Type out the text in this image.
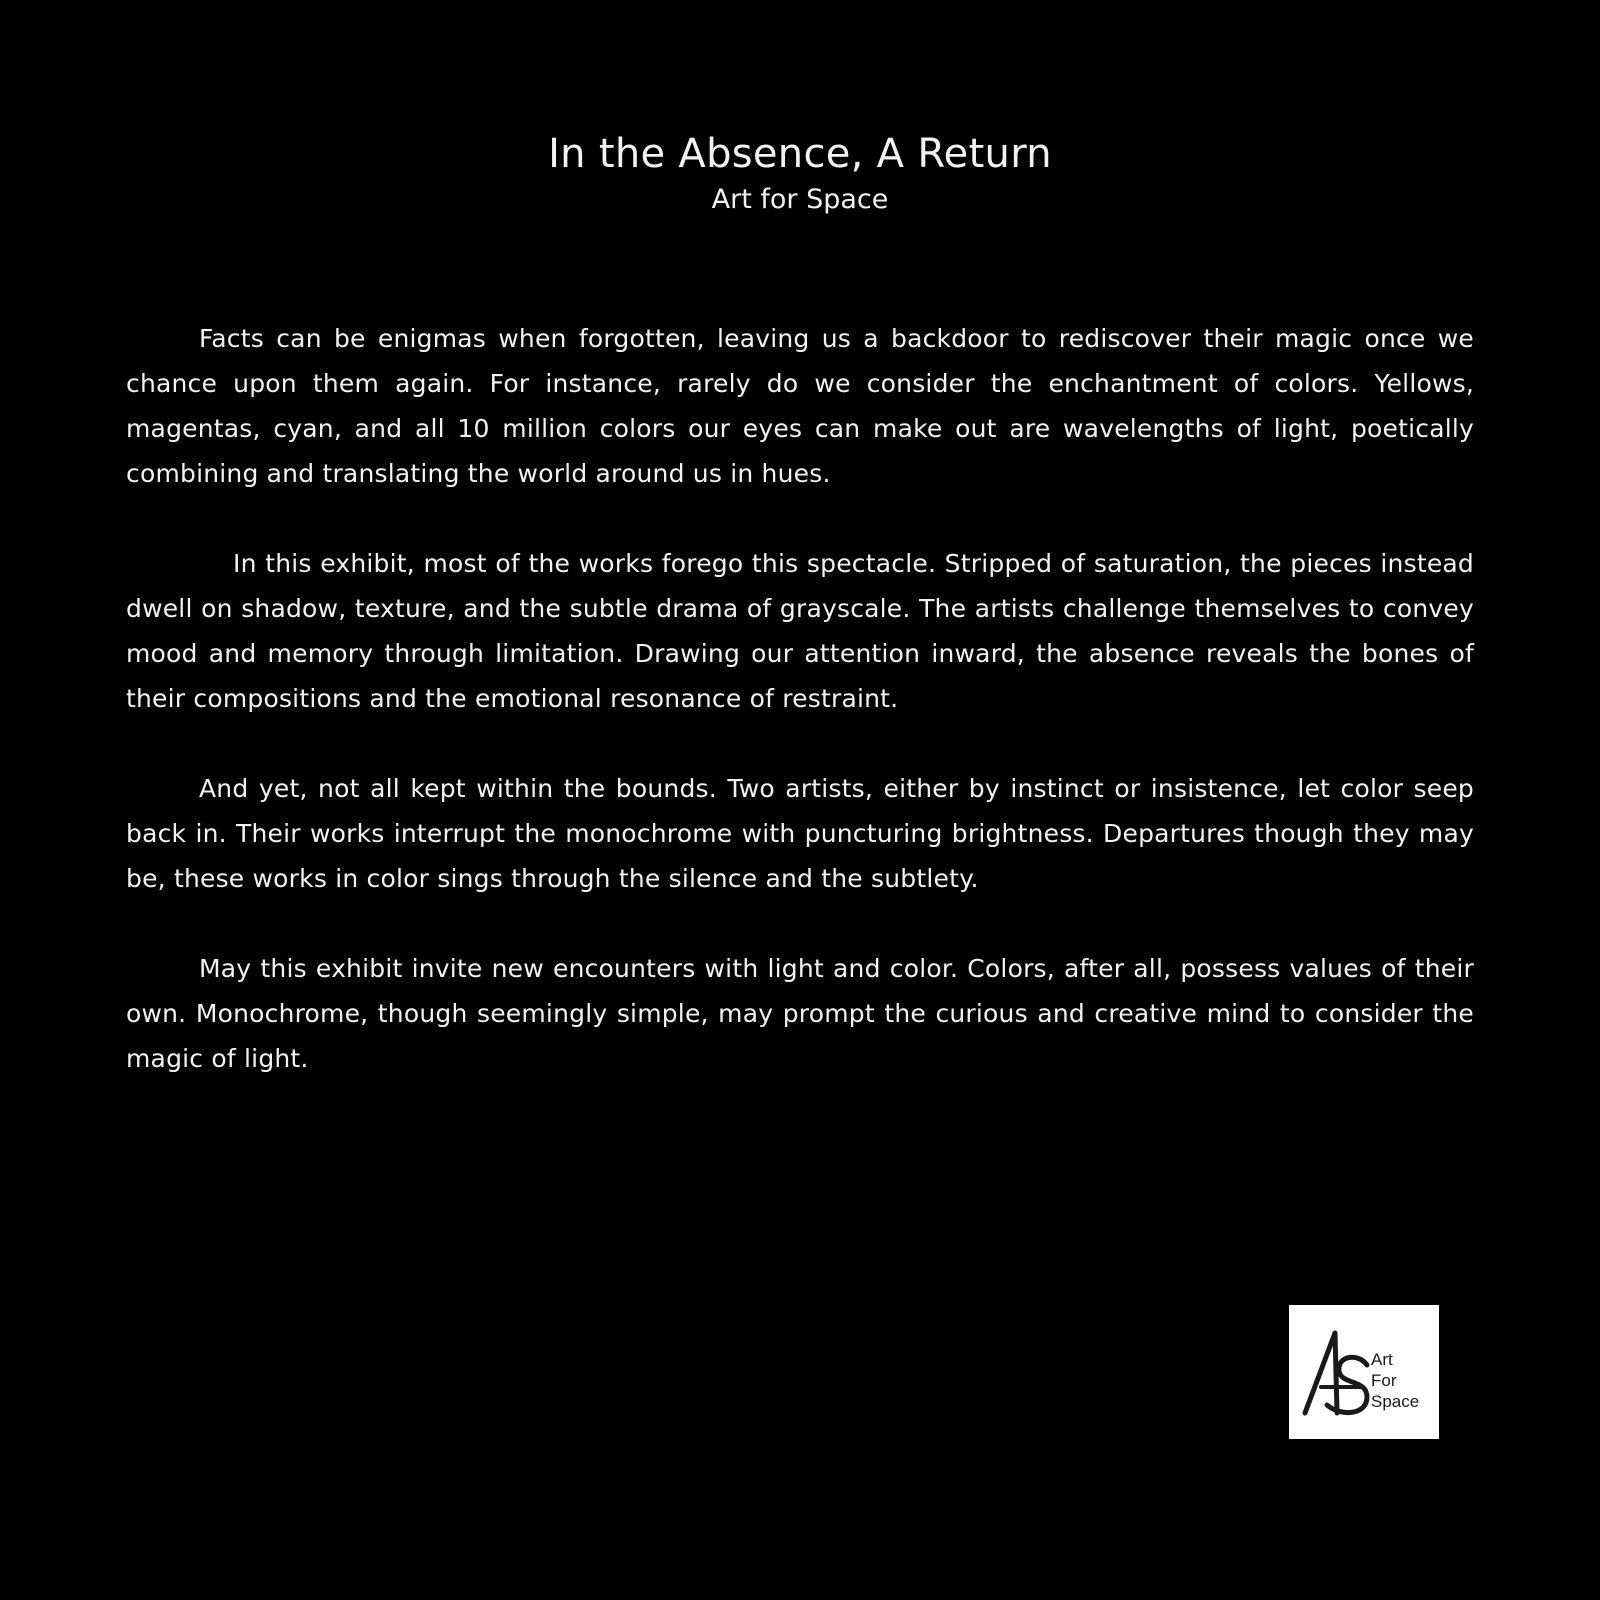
In the Absence, A Return

Art for Space

Facts can be enigmas when forgotten, leaving us a backdoor to rediscover their magic once we chance upon them again. For instance, rarely do we consider the enchantment of colors. Yellows, magentas, cyan, and all 10 million colors our eyes can make out are wavelengths of light, poetically combining and translating the world around us in hues.

In this exhibit, most of the works forego this spectacle. Stripped of saturation, the pieces instead dwell on shadow, texture, and the subtle drama of grayscale. The artists challenge themselves to convey mood and memory through limitation. Drawing our attention inward, the absence reveals the bones of their compositions and the emotional resonance of restraint.

And yet, not all kept within the bounds. Two artists, either by instinct or insistence, let color seep back in. Their works interrupt the monochrome with puncturing brightness. Departures though they may be, these works in color sings through the silence and the subtlety.

May this exhibit invite new encounters with light and color. Colors, after all, possess values of their own. Monochrome, though seemingly simple, may prompt the curious and creative mind to consider the magic of light.

Art
For
Space
